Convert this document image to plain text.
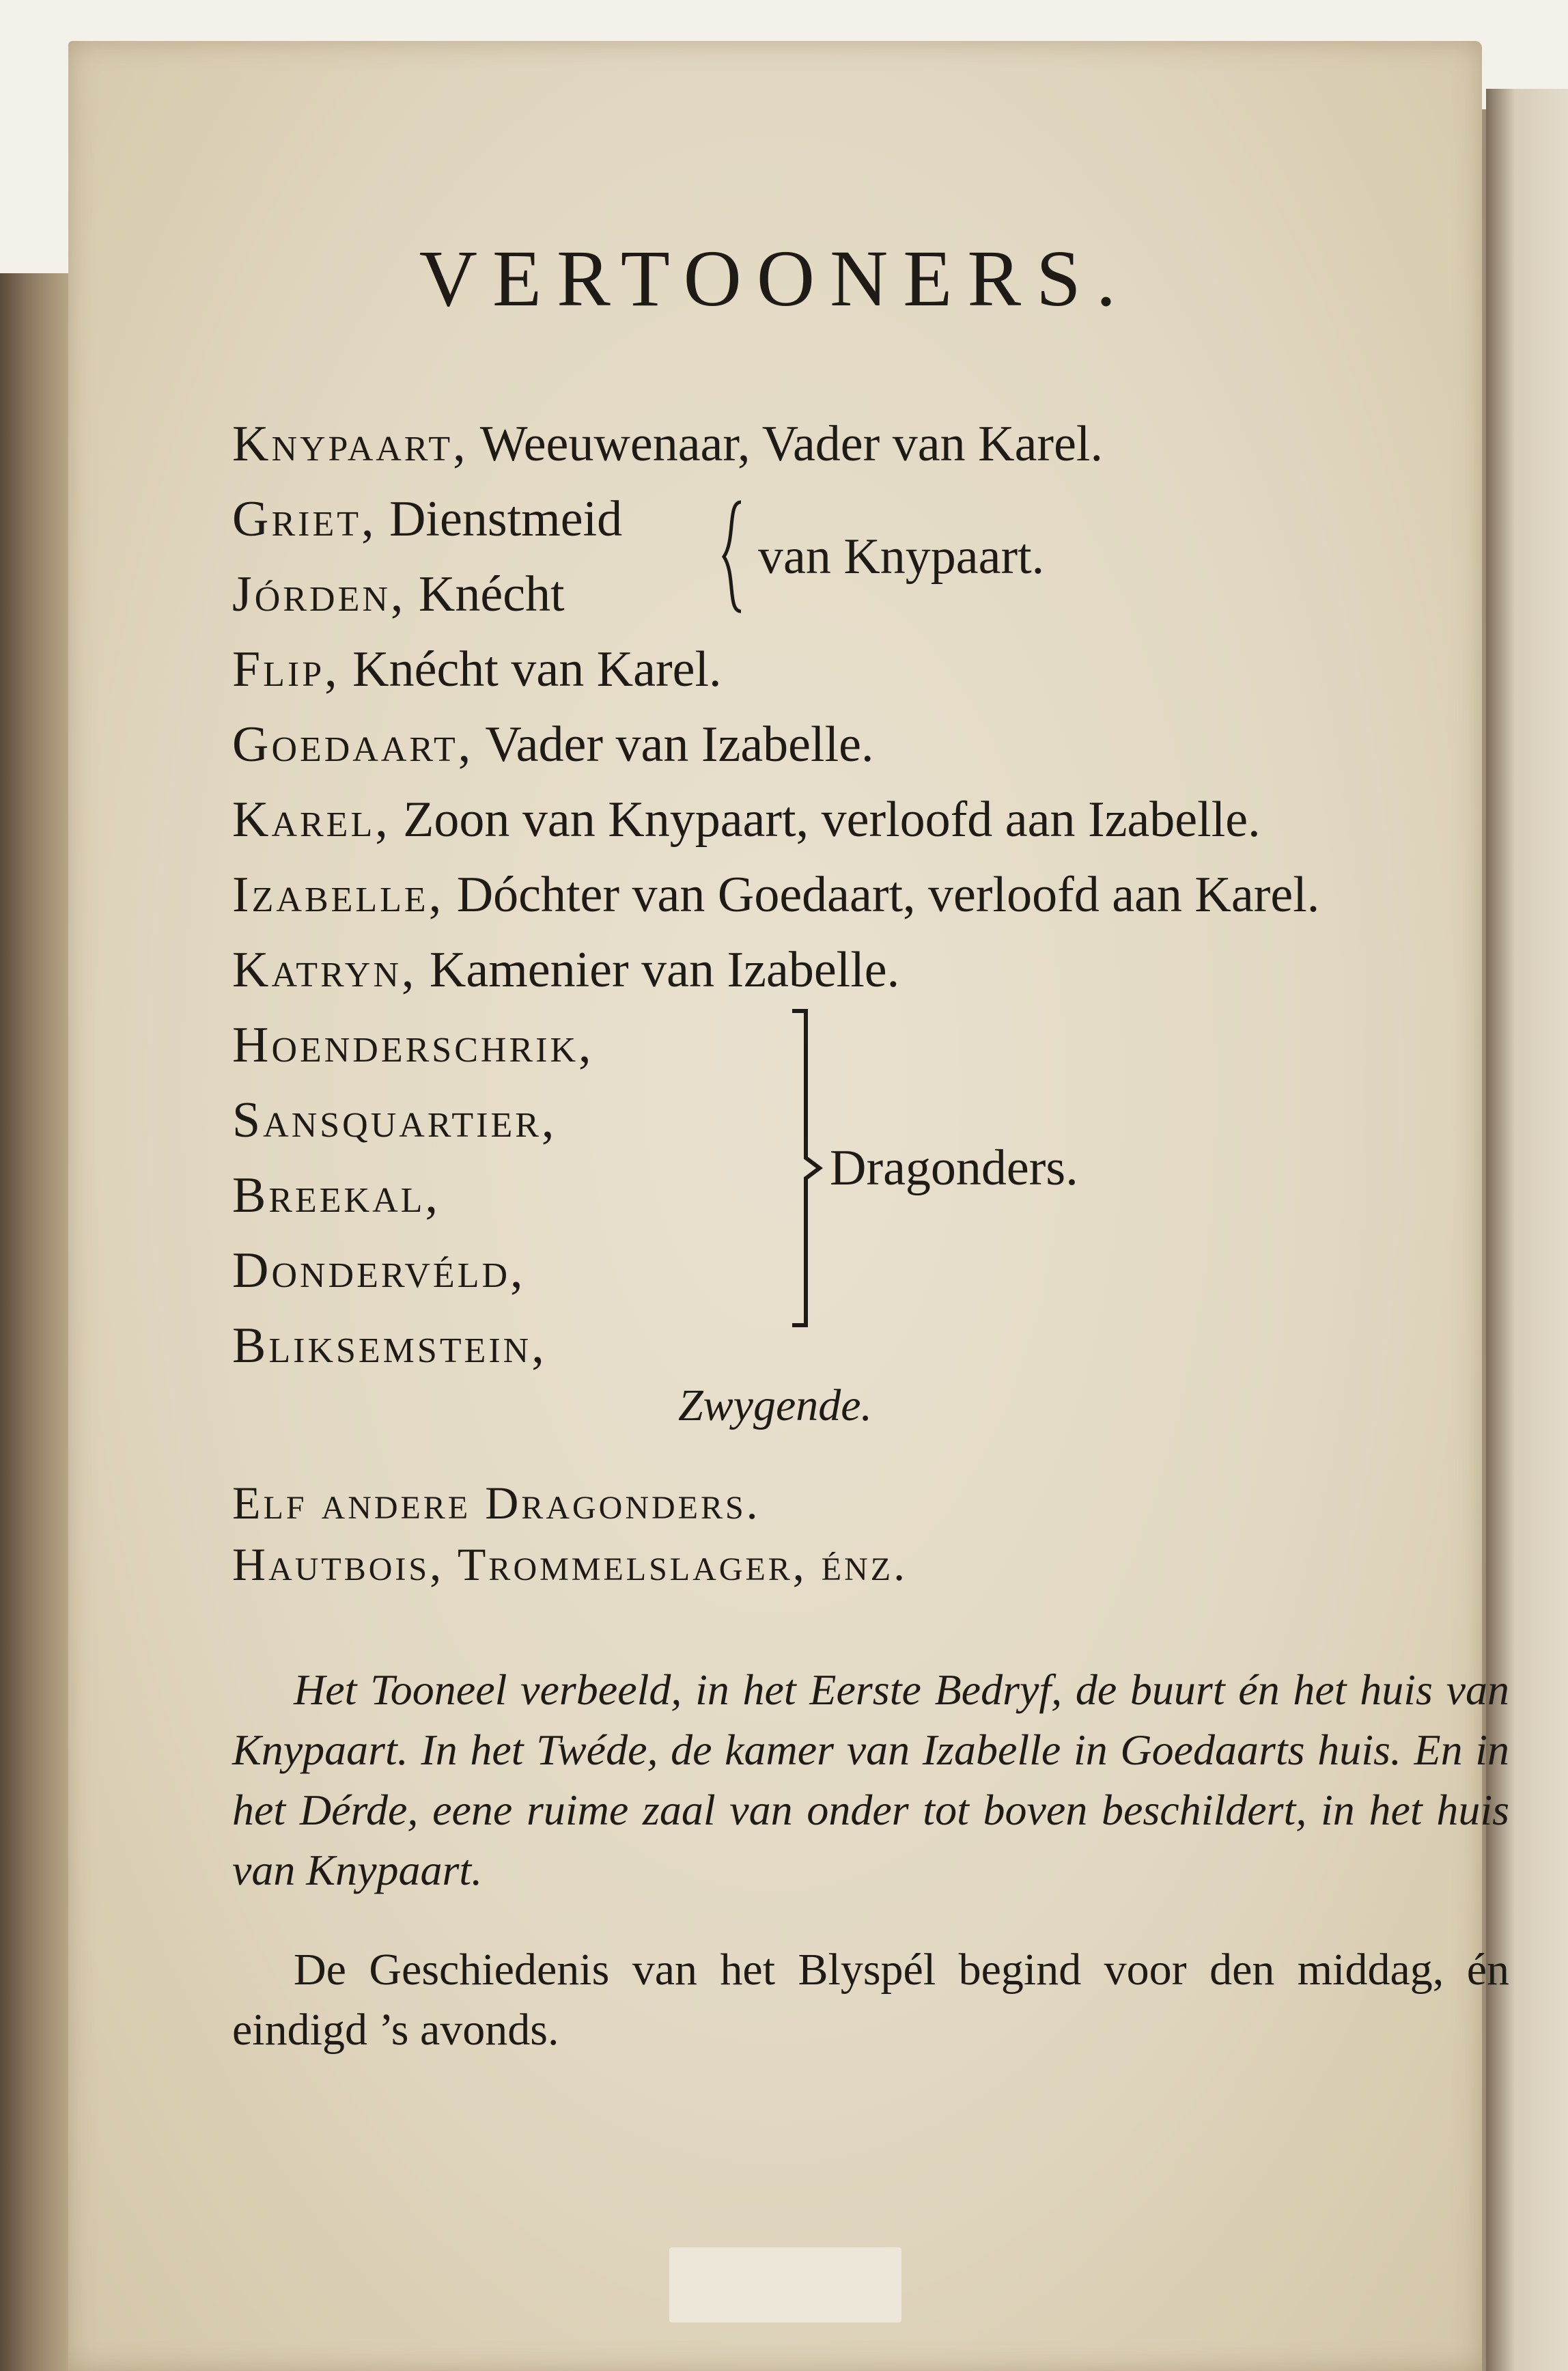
VERTOONERS.
Knypaart, Weeuwenaar, Vader van Karel.
Griet, Dienstmeid
Jórden, Knécht
van Knypaart.
Flip, Knécht van Karel.
Goedaart, Vader van Izabelle.
Karel, Zoon van Knypaart, verloofd aan Izabelle.
Izabelle, Dóchter van Goedaart, verloofd aan Karel.
Katryn, Kamenier van Izabelle.
Hoenderschrik,
Sansquartier,
Breekal,
Dondervéld,
Bliksemstein,
Dragonders.
Zwygende.
Elf andere Dragonders.
Hautbois, Trommelslager, énz.
Het Tooneel verbeeld, in het Eerste Bedryf, de buurt én het huis van Knypaart. In het Twéde, de kamer van Izabelle in Goedaarts huis. En in het Dérde, eene ruime zaal van onder tot boven beschildert, in het huis van Knypaart.
De Geschiedenis van het Blyspél begind voor den middag, én eindigd ’s avonds.
